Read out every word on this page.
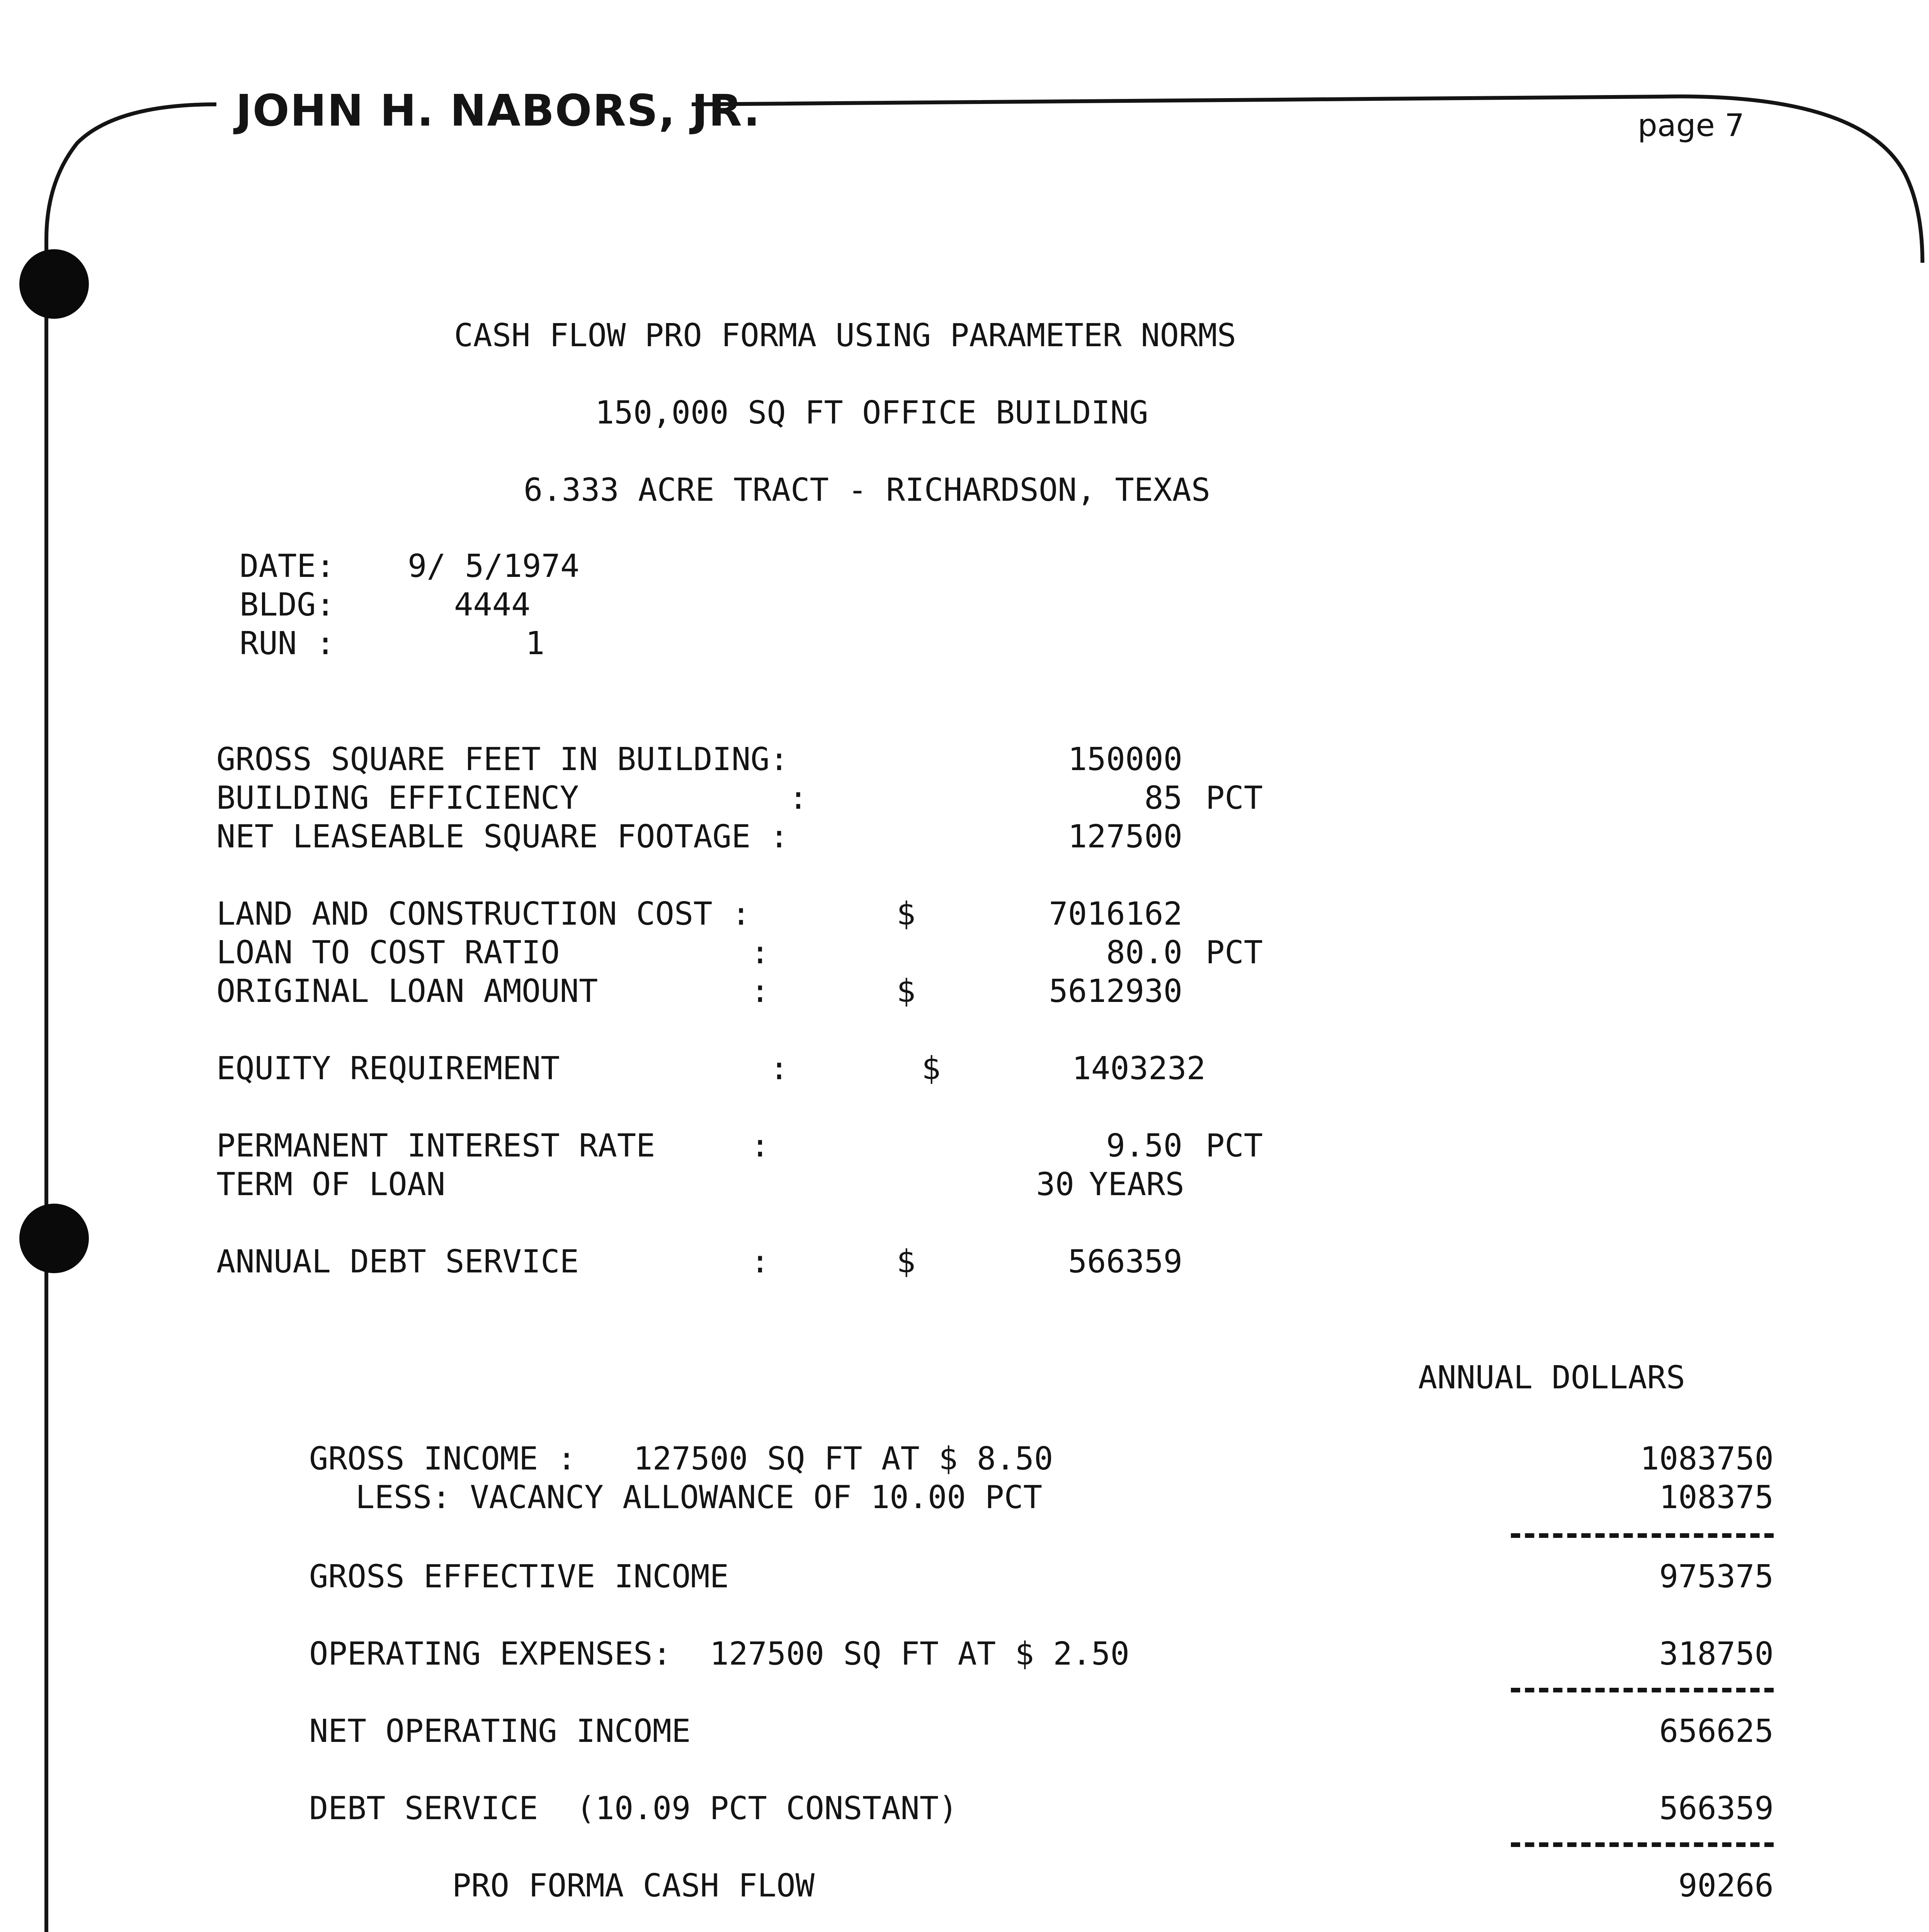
JOHN H. NABORS, JR.	page 7
CASH FLOW PRO FORMA USING PARAMETER NORMS
150,000 SQ FT OFFICE BUILDING
6.333 ACRE TRACT - RICHARDSON, TEXAS
DATE: 9/ 5/1974
BLDG:	4444
RUN :	1
GROSS SQUARE FEET IN BUILDING:	150000
BUILDING EFFICIENCY           :	85 PCT
NET LEASEABLE SQUARE FOOTAGE :	127500
LAND AND CONSTRUCTION COST :	$	7016162
LOAN TO COST RATIO          :	80.0 PCT
ORIGINAL LOAN AMOUNT        :	$	5612930
EQUITY REQUIREMENT           :	$	1403232
PERMANENT INTEREST RATE     :	9.50 PCT
TERM OF LOAN	30 YEARS
ANNUAL DEBT SERVICE         :	$	566359
ANNUAL DOLLARS
GROSS INCOME :   127500 SQ FT AT $ 8.50	1083750
LESS: VACANCY ALLOWANCE OF 10.00 PCT	108375
GROSS EFFECTIVE INCOME	975375
OPERATING EXPENSES:  127500 SQ FT AT $ 2.50	318750
NET OPERATING INCOME	656625
DEBT SERVICE  (10.09 PCT CONSTANT)	566359
PRO FORMA CASH FLOW	90266
